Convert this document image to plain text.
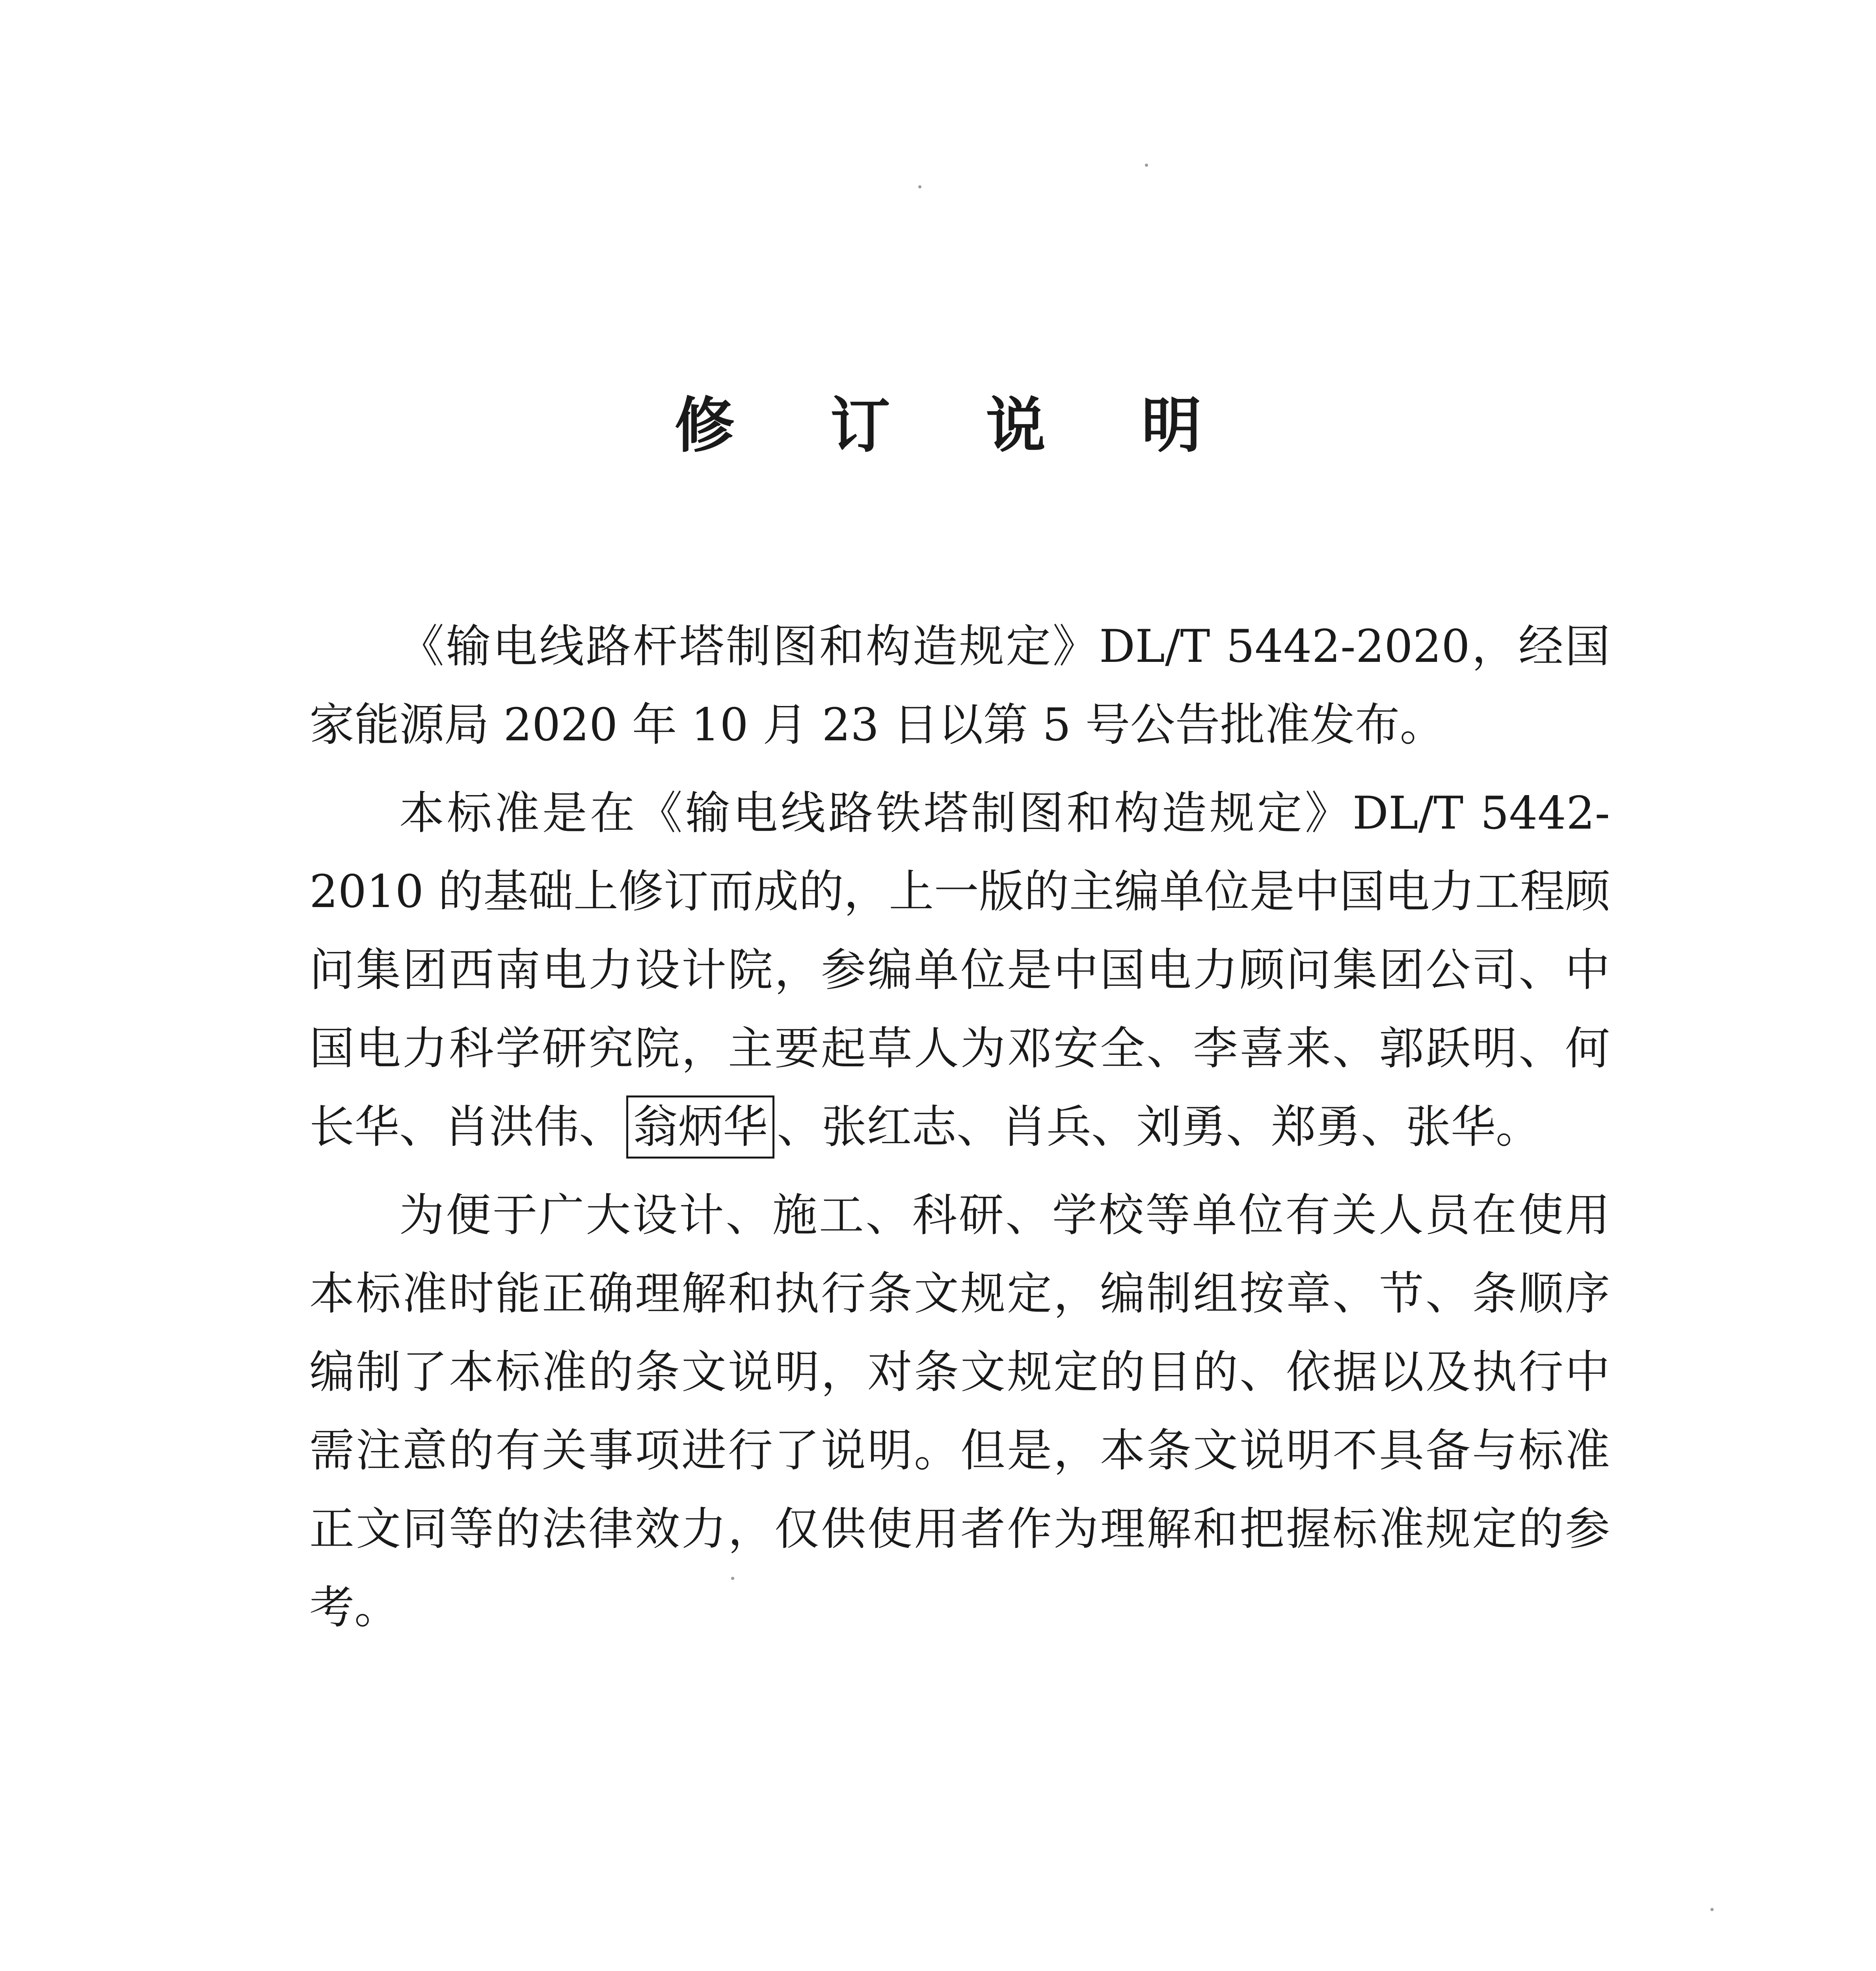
修 订 说 明

《输电线路杆塔制图和构造规定》DL/T 5442-2020，经国家能源局 2020 年 10 月 23 日以第 5 号公告批准发布。

本标准是在《输电线路铁塔制图和构造规定》DL/T 5442-2010 的基础上修订而成的，上一版的主编单位是中国电力工程顾问集团西南电力设计院，参编单位是中国电力顾问集团公司、中国电力科学研究院，主要起草人为邓安全、李喜来、郭跃明、何长华、肖洪伟、 翁炳华 、张红志、肖兵、刘勇、郑勇、张华。

为便于广大设计、施工、科研、学校等单位有关人员在使用本标准时能正确理解和执行条文规定，编制组按章、节、条顺序编制了本标准的条文说明，对条文规定的目的、依据以及执行中需注意的有关事项进行了说明。但是，本条文说明不具备与标准正文同等的法律效力，仅供使用者作为理解和把握标准规定的参考。
